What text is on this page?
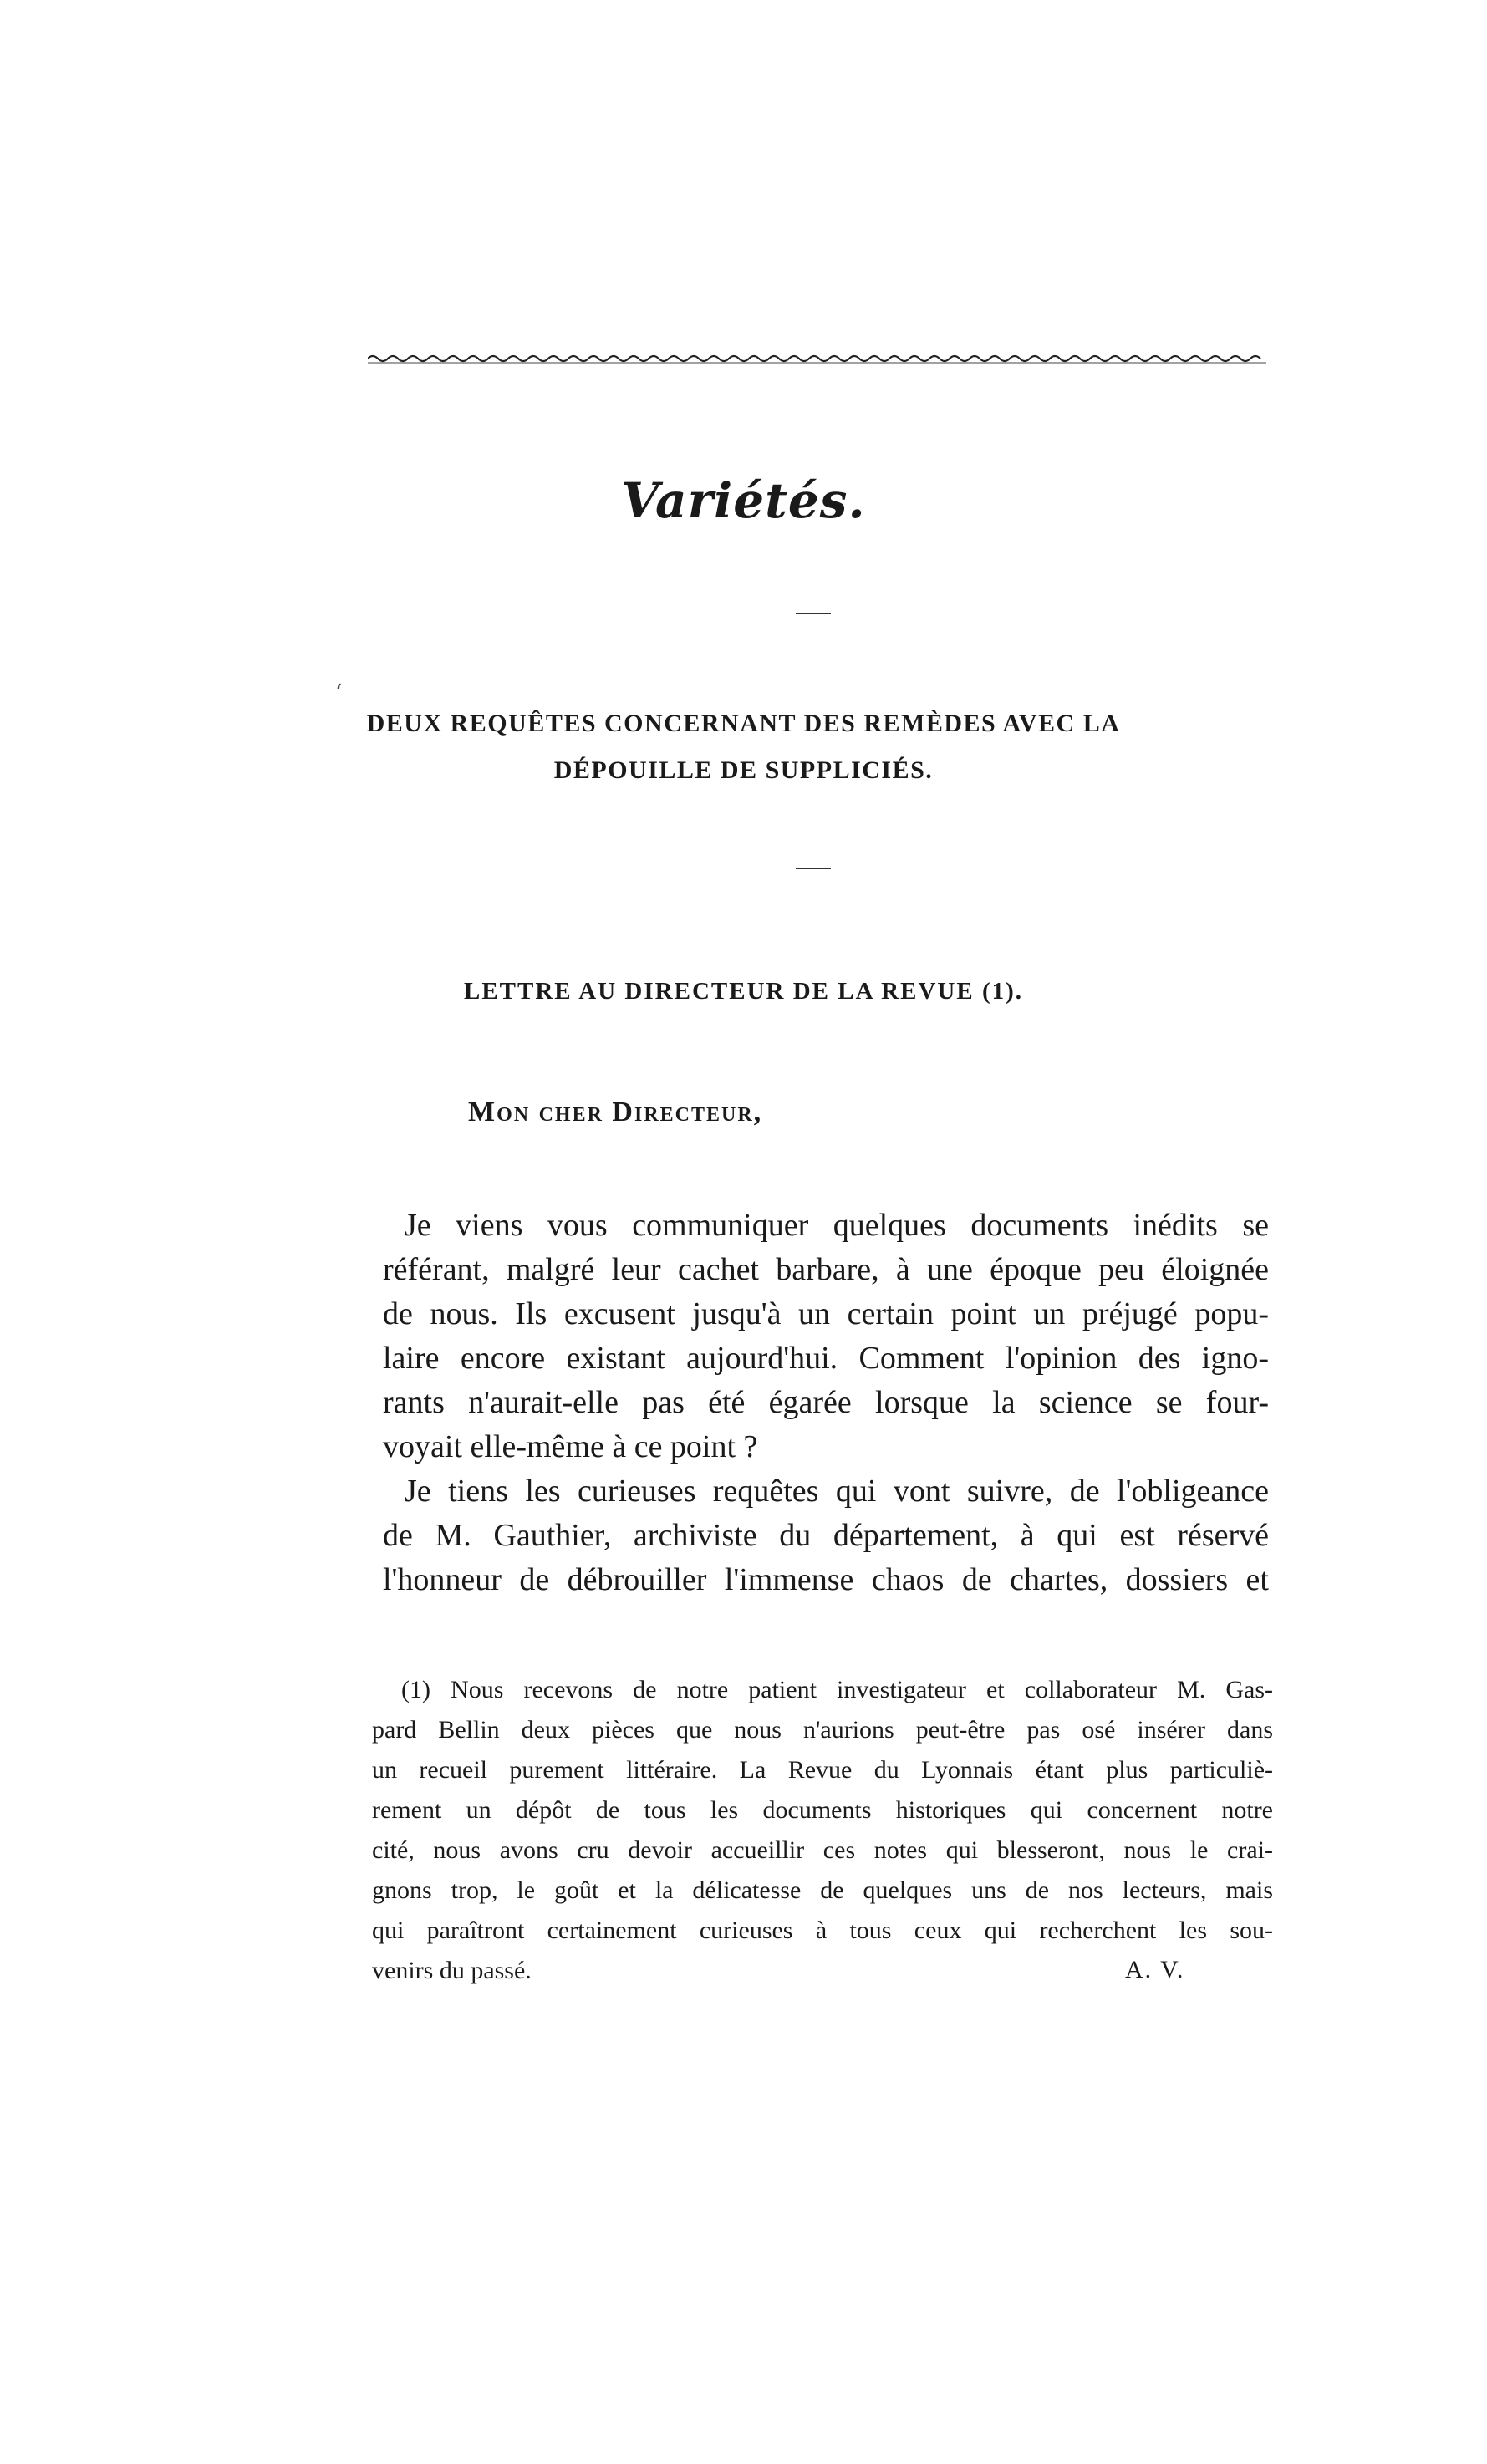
Variétés.
‘
DEUX REQUÊTES CONCERNANT DES REMÈDES AVEC LA
DÉPOUILLE DE SUPPLICIÉS.
LETTRE AU DIRECTEUR DE LA REVUE (1).
Mon cher Directeur,
Je viens vous communiquer quelques documents inédits se
référant, malgré leur cachet barbare, à une époque peu éloignée
de nous. Ils excusent jusqu'à un certain point un préjugé popu-
laire encore existant aujourd'hui. Comment l'opinion des igno-
rants n'aurait-elle pas été égarée lorsque la science se four-
voyait elle-même à ce point ?
Je tiens les curieuses requêtes qui vont suivre, de l'obligeance
de M. Gauthier, archiviste du département, à qui est réservé
l'honneur de débrouiller l'immense chaos de chartes, dossiers et
(1) Nous recevons de notre patient investigateur et collaborateur M. Gas-
pard Bellin deux pièces que nous n'aurions peut-être pas osé insérer dans
un recueil purement littéraire. La Revue du Lyonnais étant plus particuliè-
rement un dépôt de tous les documents historiques qui concernent notre
cité, nous avons cru devoir accueillir ces notes qui blesseront, nous le crai-
gnons trop, le goût et la délicatesse de quelques uns de nos lecteurs, mais
qui paraîtront certainement curieuses à tous ceux qui recherchent les sou-
venirs du passé.	A. V.
